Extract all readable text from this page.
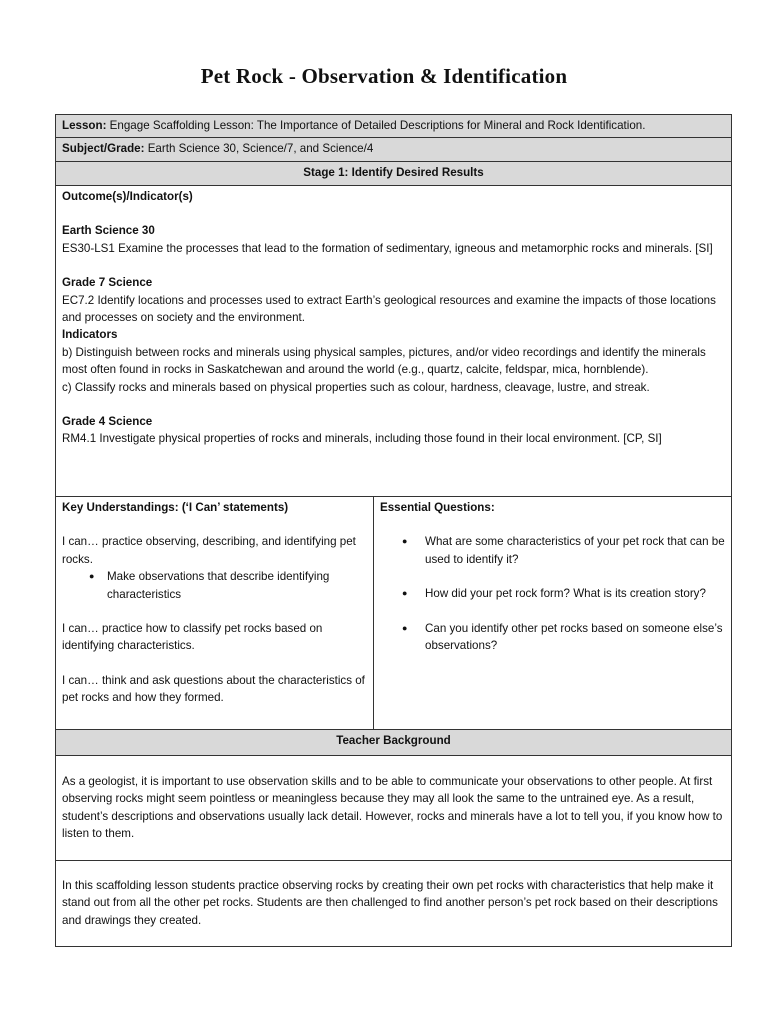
Pet Rock - Observation & Identification
Lesson: Engage Scaffolding Lesson: The Importance of Detailed Descriptions for Mineral and Rock Identification.
Subject/Grade: Earth Science 30, Science/7, and Science/4
Stage 1: Identify Desired Results

Outcome(s)/Indicator(s)

Earth Science 30

ES30-LS1 Examine the processes that lead to the formation of sedimentary, igneous and metamorphic rocks and minerals. [SI]

Grade 7 Science

EC7.2 Identify locations and processes used to extract Earth’s geological resources and examine the impacts of those locations and processes on society and the environment.

Indicators

b) Distinguish between rocks and minerals using physical samples, pictures, and/or video recordings and identify the minerals most often found in rocks in Saskatchewan and around the world (e.g., quartz, calcite, feldspar, mica, hornblende).

c) Classify rocks and minerals based on physical properties such as colour, hardness, cleavage, lustre, and streak.

Grade 4 Science

RM4.1 Investigate physical properties of rocks and minerals, including those found in their local environment. [CP, SI]

Key Understandings: (‘I Can’ statements)

I can… practice observing, describing, and identifying pet rocks.

● Make observations that describe identifying characteristics

I can… practice how to classify pet rocks based on identifying characteristics.

I can… think and ask questions about the characteristics of pet rocks and how they formed.

Essential Questions:

● What are some characteristics of your pet rock that can be used to identify it?
● How did your pet rock form? What is its creation story?
● Can you identify other pet rocks based on someone else’s observations?
Teacher Background

As a geologist, it is important to use observation skills and to be able to communicate your observations to other people. At first observing rocks might seem pointless or meaningless because they may all look the same to the untrained eye. As a result, student’s descriptions and observations usually lack detail. However, rocks and minerals have a lot to tell you, if you know how to listen to them.

In this scaffolding lesson students practice observing rocks by creating their own pet rocks with characteristics that help make it stand out from all the other pet rocks. Students are then challenged to find another person’s pet rock based on their descriptions and drawings they created.
